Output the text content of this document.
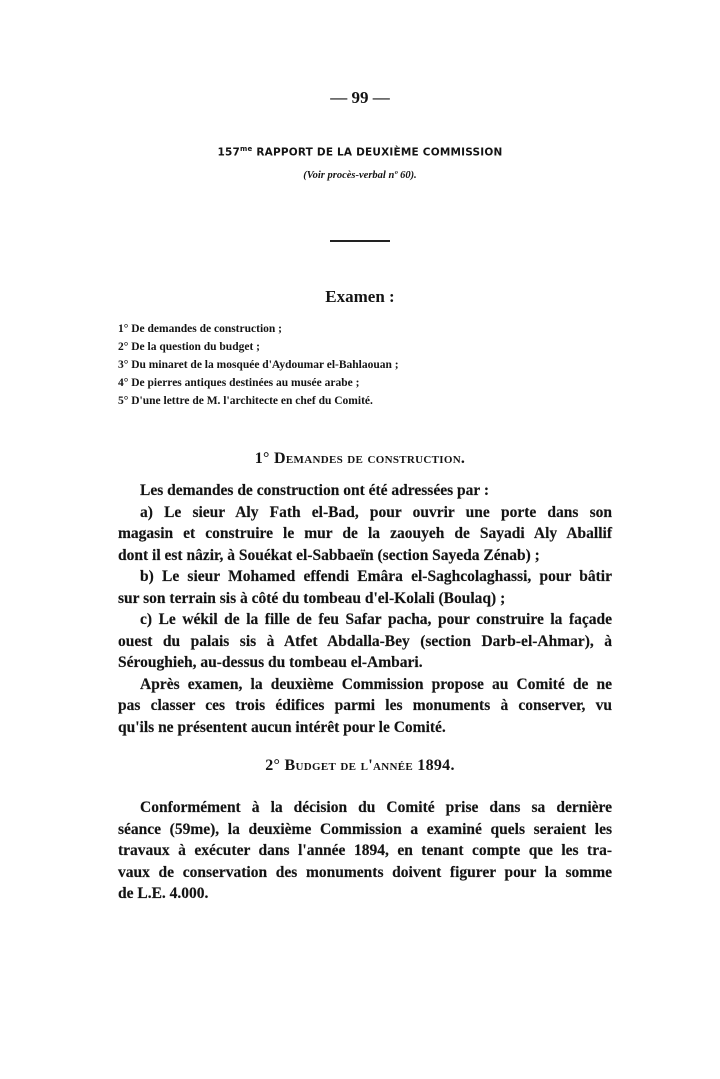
— 99 —
$157^{me}$ RAPPORT DE LA DEUXIÈME COMMISSION
(Voir procès-verbal nº 60).
Examen :
1° De demandes de construction ;
2° De la question du budget ;
3° Du minaret de la mosquée d'Aydoumar el-Bahlaouan ;
4° De pierres antiques destinées au musée arabe ;
5° D'une lettre de M. l'architecte en chef du Comité.
1° Demandes de construction.
Les demandes de construction ont été adressées par :
a) Le sieur Aly Fath el-Bad, pour ouvrir une porte dans son
magasin et construire le mur de la zaouyeh de Sayadi Aly Aballif
dont il est nâzir, à Souékat el-Sabbaeïn (section Sayeda Zénab) ;
b) Le sieur Mohamed effendi Emâra el-Saghcolaghassi, pour bâtir
sur son terrain sis à côté du tombeau d'el-Kolali (Boulaq) ;
c) Le wékil de la fille de feu Safar pacha, pour construire la façade
ouest du palais sis à Atfet Abdalla-Bey (section Darb-el-Ahmar), à
Séroughieh, au-dessus du tombeau el-Ambari.
Après examen, la deuxième Commission propose au Comité de ne
pas classer ces trois édifices parmi les monuments à conserver, vu
qu'ils ne présentent aucun intérêt pour le Comité.
2° Budget de l'année 1894.
Conformément à la décision du Comité prise dans sa dernière
séance (59me), la deuxième Commission a examiné quels seraient les
travaux à exécuter dans l'année 1894, en tenant compte que les tra-
vaux de conservation des monuments doivent figurer pour la somme
de L.E. 4.000.
